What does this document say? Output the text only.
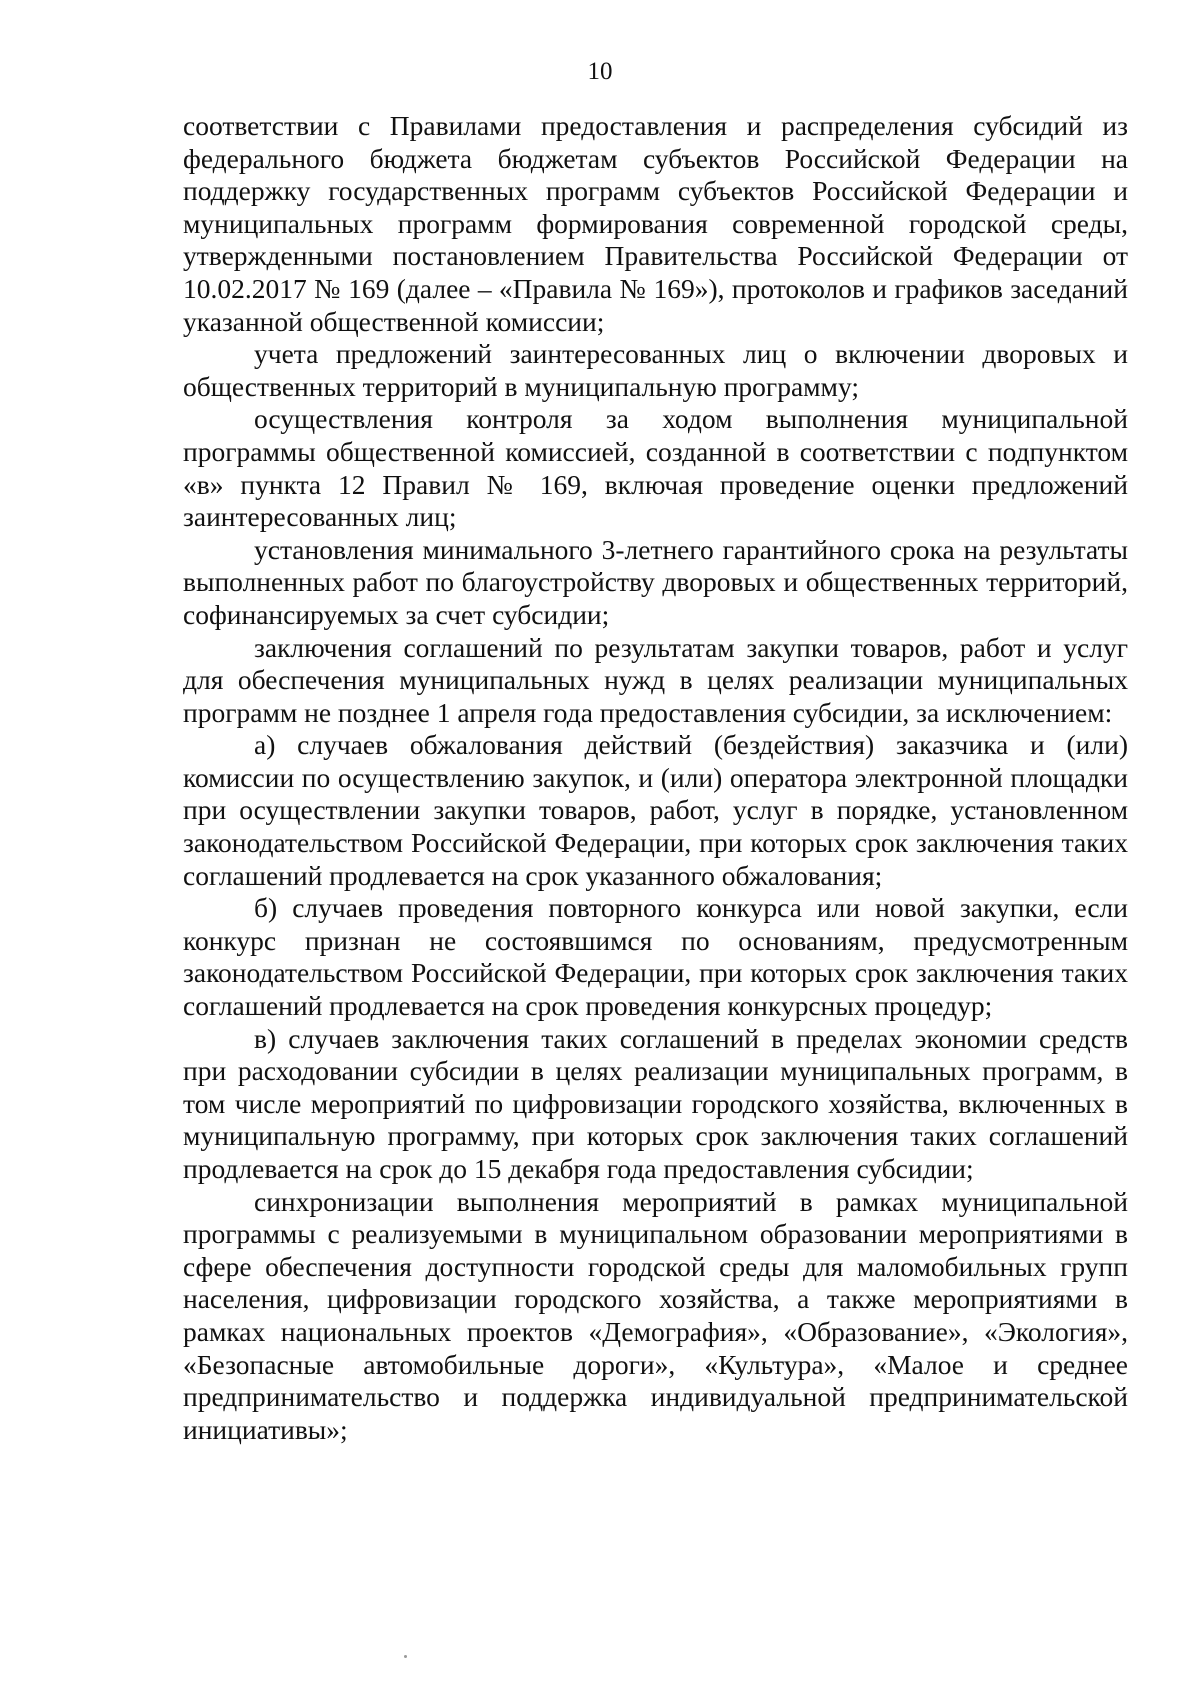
10

соответствии с Правилами предоставления и распределения субсидий из федерального бюджета бюджетам субъектов Российской Федерации на поддержку государственных программ субъектов Российской Федерации и муниципальных программ формирования современной городской среды, утвержденными постановлением Правительства Российской Федерации от 10.02.2017 № 169 (далее – «Правила № 169»), протоколов и графиков заседаний указанной общественной комиссии;

учета предложений заинтересованных лиц о включении дворовых и общественных территорий в муниципальную программу;

осуществления контроля за ходом выполнения муниципальной программы общественной комиссией, созданной в соответствии с подпунктом «в» пункта 12 Правил № 169, включая проведение оценки предложений заинтересованных лиц;

установления минимального 3-летнего гарантийного срока на результаты выполненных работ по благоустройству дворовых и общественных территорий, софинансируемых за счет субсидии;

заключения соглашений по результатам закупки товаров, работ и услуг для обеспечения муниципальных нужд в целях реализации муниципальных программ не позднее 1 апреля года предоставления субсидии, за исключением:

а) случаев обжалования действий (бездействия) заказчика и (или) комиссии по осуществлению закупок, и (или) оператора электронной площадки при осуществлении закупки товаров, работ, услуг в порядке, установленном законодательством Российской Федерации, при которых срок заключения таких соглашений продлевается на срок указанного обжалования;

б) случаев проведения повторного конкурса или новой закупки, если конкурс признан не состоявшимся по основаниям, предусмотренным законодательством Российской Федерации, при которых срок заключения таких соглашений продлевается на срок проведения конкурсных процедур;

в) случаев заключения таких соглашений в пределах экономии средств при расходовании субсидии в целях реализации муниципальных программ, в том числе мероприятий по цифровизации городского хозяйства, включенных в муниципальную программу, при которых срок заключения таких соглашений продлевается на срок до 15 декабря года предоставления субсидии;

синхронизации выполнения мероприятий в рамках муниципальной программы с реализуемыми в муниципальном образовании мероприятиями в сфере обеспечения доступности городской среды для маломобильных групп населения, цифровизации городского хозяйства, а также мероприятиями в рамках национальных проектов «Демография», «Образование», «Экология», «Безопасные автомобильные дороги», «Культура», «Малое и среднее предпринимательство и поддержка индивидуальной предпринимательской инициативы»;
